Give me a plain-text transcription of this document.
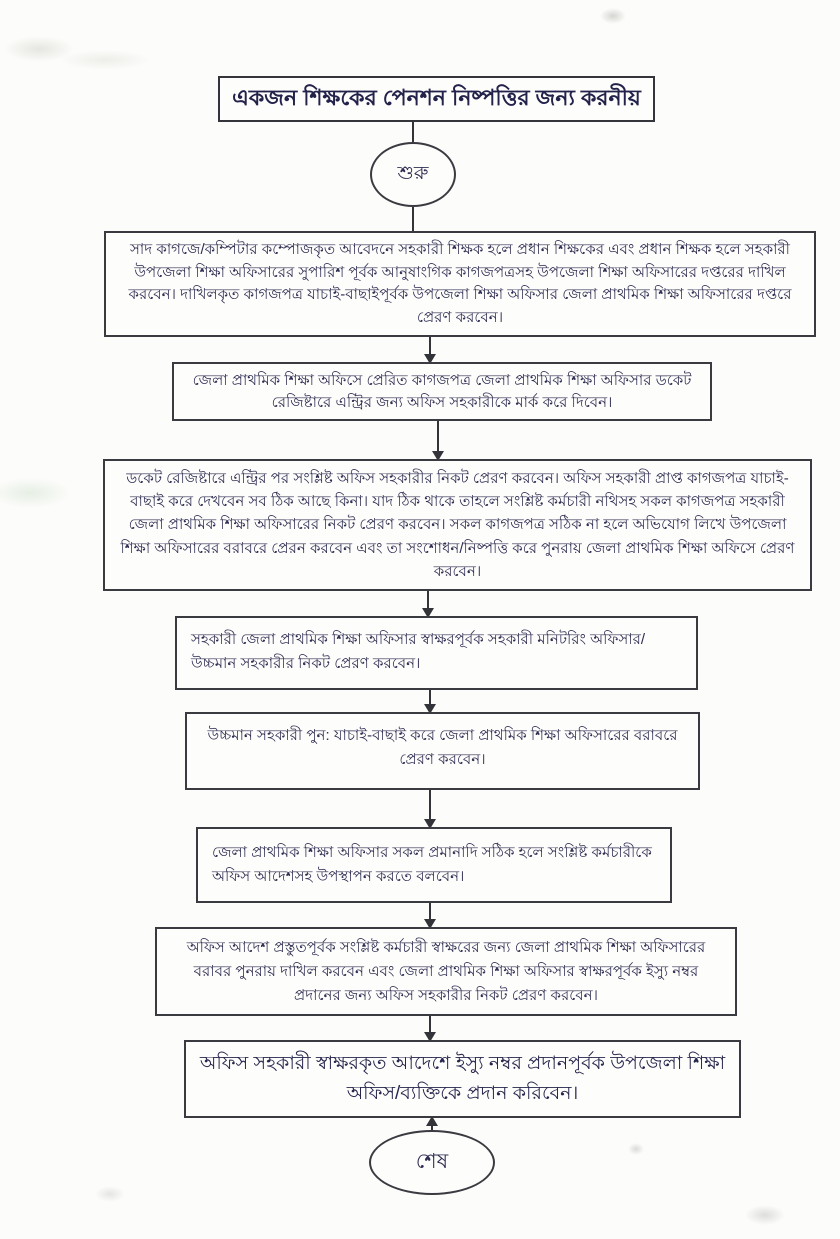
একজন শিক্ষকের পেনশন নিষ্পত্তির জন্য করনীয়
শুরু
সাদ কাগজে/কম্পিটার কম্পোজকৃত আবেদনে সহকারী শিক্ষক হলে প্রধান শিক্ষকের এবং প্রধান শিক্ষক হলে সহকারী উপজেলা শিক্ষা অফিসারের সুপারিশ পূর্বক আনুষাংগিক কাগজপত্রসহ উপজেলা শিক্ষা অফিসারের দপ্তরের দাখিল করবেন। দাখিলকৃত কাগজপত্র যাচাই-বাছাইপূর্বক উপজেলা শিক্ষা অফিসার জেলা প্রাথমিক শিক্ষা অফিসারের দপ্তরে প্রেরণ করবেন।
জেলা প্রাথমিক শিক্ষা অফিসে প্রেরিত কাগজপত্র জেলা প্রাথমিক শিক্ষা অফিসার ডকেট রেজিষ্টারে এন্ট্রির জন্য অফিস সহকারীকে মার্ক করে দিবেন।
ডকেট রেজিষ্টারে এন্ট্রির পর সংশ্লিষ্ট অফিস সহকারীর নিকট প্রেরণ করবেন। অফিস সহকারী প্রাপ্ত কাগজপত্র যাচাই-বাছাই করে দেখবেন সব ঠিক আছে কিনা। যাদ ঠিক থাকে তাহলে সংশ্লিষ্ট কর্মচারী নথিসহ সকল কাগজপত্র সহকারী জেলা প্রাথমিক শিক্ষা অফিসারের নিকট প্রেরণ করবেন। সকল কাগজপত্র সঠিক না হলে অভিযোগ লিখে উপজেলা শিক্ষা অফিসারের বরাবরে প্রেরন করবেন এবং তা সংশোধন/নিষ্পত্তি করে পুনরায় জেলা প্রাথমিক শিক্ষা অফিসে প্রেরণ করবেন।
সহকারী জেলা প্রাথমিক শিক্ষা অফিসার স্বাক্ষরপূর্বক সহকারী মনিটরিং অফিসার/উচ্চমান সহকারীর নিকট প্রেরণ করবেন।
উচ্চমান সহকারী পুন: যাচাই-বাছাই করে জেলা প্রাথমিক শিক্ষা অফিসারের বরাবরে প্রেরণ করবেন।
জেলা প্রাথমিক শিক্ষা অফিসার সকল প্রমানাদি সঠিক হলে সংশ্লিষ্ট কর্মচারীকে অফিস আদেশসহ উপস্থাপন করতে বলবেন।
অফিস আদেশ প্রস্তুতপূর্বক সংশ্লিষ্ট কর্মচারী স্বাক্ষরের জন্য জেলা প্রাথমিক শিক্ষা অফিসারের বরাবর পুনরায় দাখিল করবেন এবং জেলা প্রাথমিক শিক্ষা অফিসার স্বাক্ষরপূর্বক ইস্যু নম্বর প্রদানের জন্য অফিস সহকারীর নিকট প্রেরণ করবেন।
অফিস সহকারী স্বাক্ষরকৃত আদেশে ইস্যু নম্বর প্রদানপূর্বক উপজেলা শিক্ষা অফিস/ব্যক্তিকে প্রদান করিবেন।
শেষ
